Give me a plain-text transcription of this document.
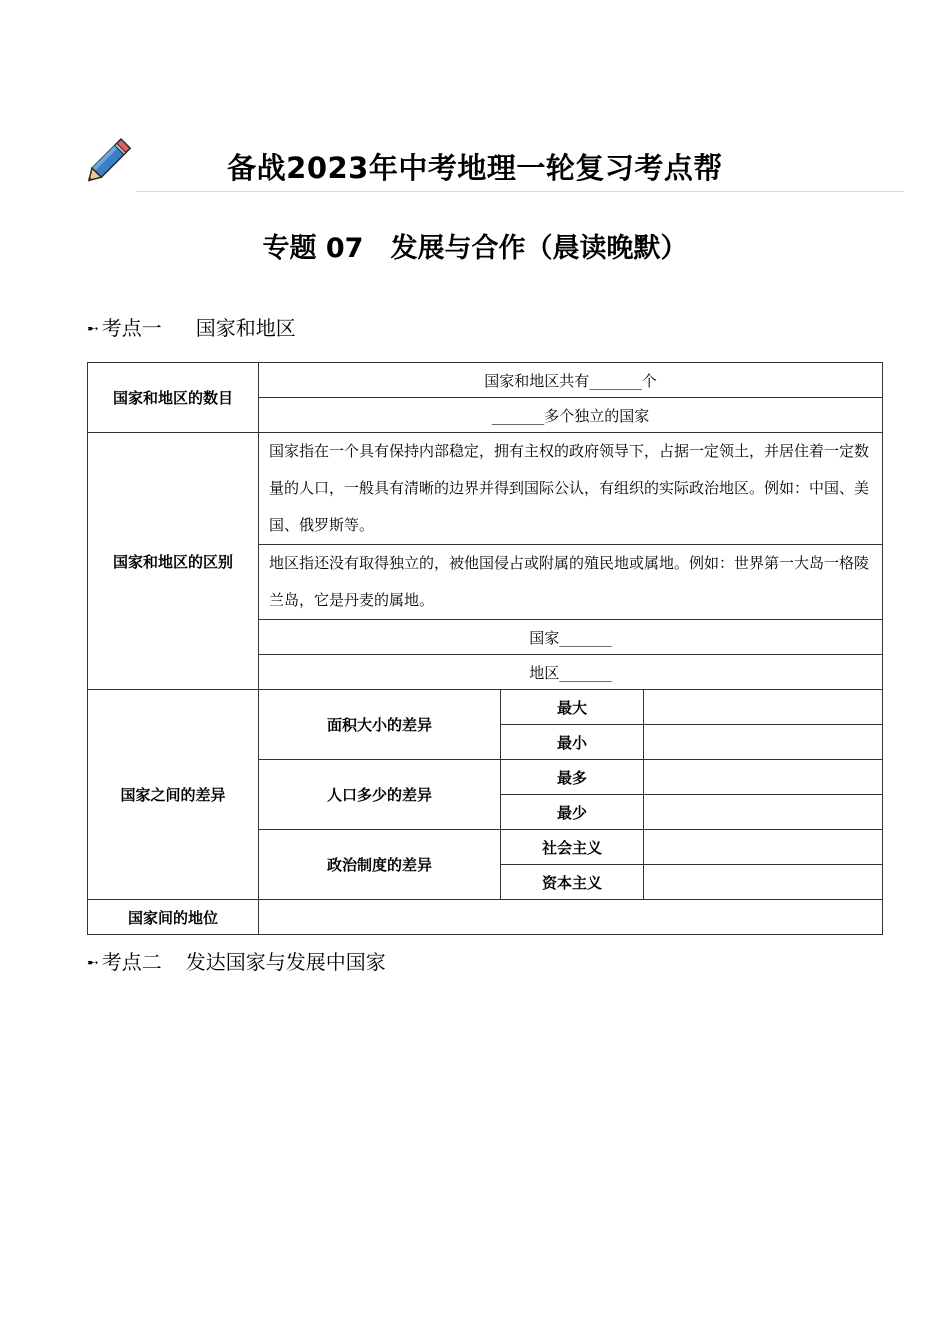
备战2023年中考地理一轮复习考点帮
专题 07　发展与合作（晨读晚默）
➸ 考点一 国家和地区
国家和地区的数目	国家和地区共有_______个		
	_______多个独立的国家		
国家和地区的区别	国家指在一个具有保持内部稳定，拥有主权的政府领导下，占据一定领土，并居住着一定数量的人口，一般具有清晰的边界并得到国际公认，有组织的实际政治地区。例如：中国、美国、俄罗斯等。		
	地区指还没有取得独立的，被他国侵占或附属的殖民地或属地。例如：世界第一大岛一格陵兰岛，它是丹麦的属地。		
	国家_______		
	地区_______		
国家之间的差异	面积大小的差异	最大	
		最小	
	人口多少的差异	最多	
		最少	
	政治制度的差异	社会主义	
		资本主义	
国家间的地位			
➸ 考点二 发达国家与发展中国家
